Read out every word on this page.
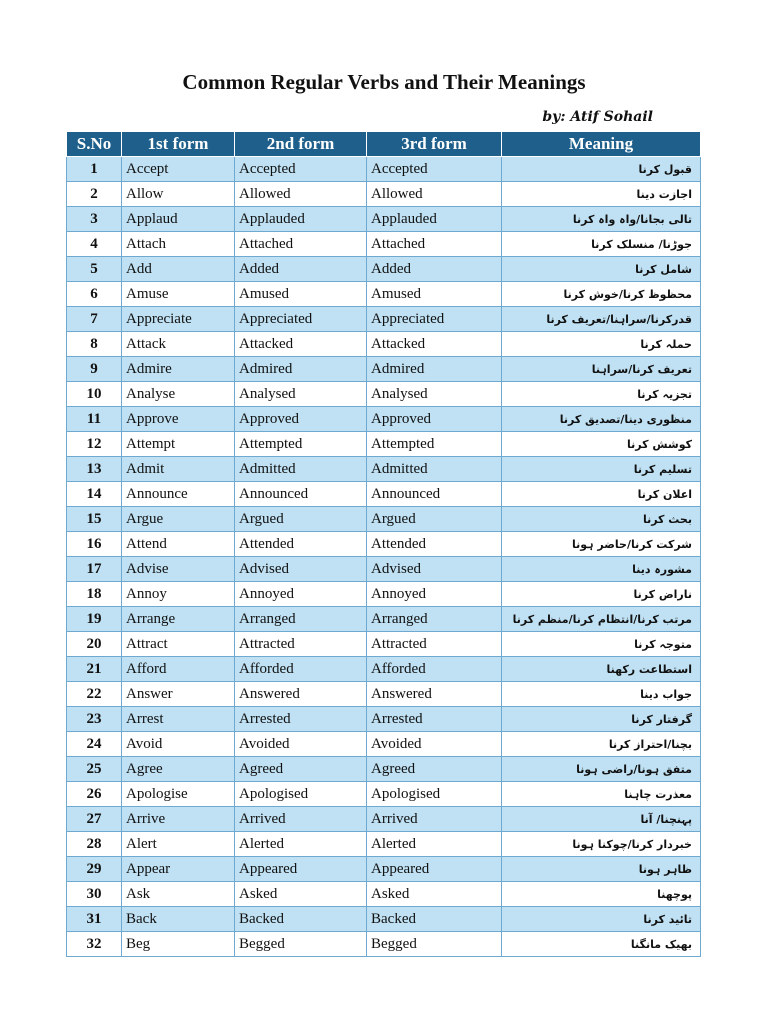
Common Regular Verbs and Their Meanings
by: Atif Sohail
S.No	1st form	2nd form	3rd form	Meaning
1	Accept	Accepted	Accepted	قبول کرنا
2	Allow	Allowed	Allowed	اجازت دینا
3	Applaud	Applauded	Applauded	تالی بجانا/واہ واہ کرنا
4	Attach	Attached	Attached	جوڑنا/ منسلک کرنا
5	Add	Added	Added	شامل کرنا
6	Amuse	Amused	Amused	محظوظ کرنا/خوش کرنا
7	Appreciate	Appreciated	Appreciated	قدرکرنا/سراہنا/تعریف کرنا
8	Attack	Attacked	Attacked	حملہ کرنا
9	Admire	Admired	Admired	تعریف کرنا/سراہنا
10	Analyse	Analysed	Analysed	تجزیہ کرنا
11	Approve	Approved	Approved	منظوری دینا/تصدیق کرنا
12	Attempt	Attempted	Attempted	کوشش کرنا
13	Admit	Admitted	Admitted	تسلیم کرنا
14	Announce	Announced	Announced	اعلان کرنا
15	Argue	Argued	Argued	بحث کرنا
16	Attend	Attended	Attended	شرکت کرنا/حاضر ہونا
17	Advise	Advised	Advised	مشورہ دینا
18	Annoy	Annoyed	Annoyed	ناراض کرنا
19	Arrange	Arranged	Arranged	مرتب کرنا/انتظام کرنا/منظم کرنا
20	Attract	Attracted	Attracted	متوجہ کرنا
21	Afford	Afforded	Afforded	استطاعت رکھنا
22	Answer	Answered	Answered	جواب دینا
23	Arrest	Arrested	Arrested	گرفتار کرنا
24	Avoid	Avoided	Avoided	بچنا/احتراز کرنا
25	Agree	Agreed	Agreed	متفق ہونا/راضی ہونا
26	Apologise	Apologised	Apologised	معذرت چاہنا
27	Arrive	Arrived	Arrived	پہنچنا/ آنا
28	Alert	Alerted	Alerted	خبردار کرنا/چوکنا ہونا
29	Appear	Appeared	Appeared	ظاہر ہونا
30	Ask	Asked	Asked	پوچھنا
31	Back	Backed	Backed	تائید کرنا
32	Beg	Begged	Begged	بھیک مانگنا
